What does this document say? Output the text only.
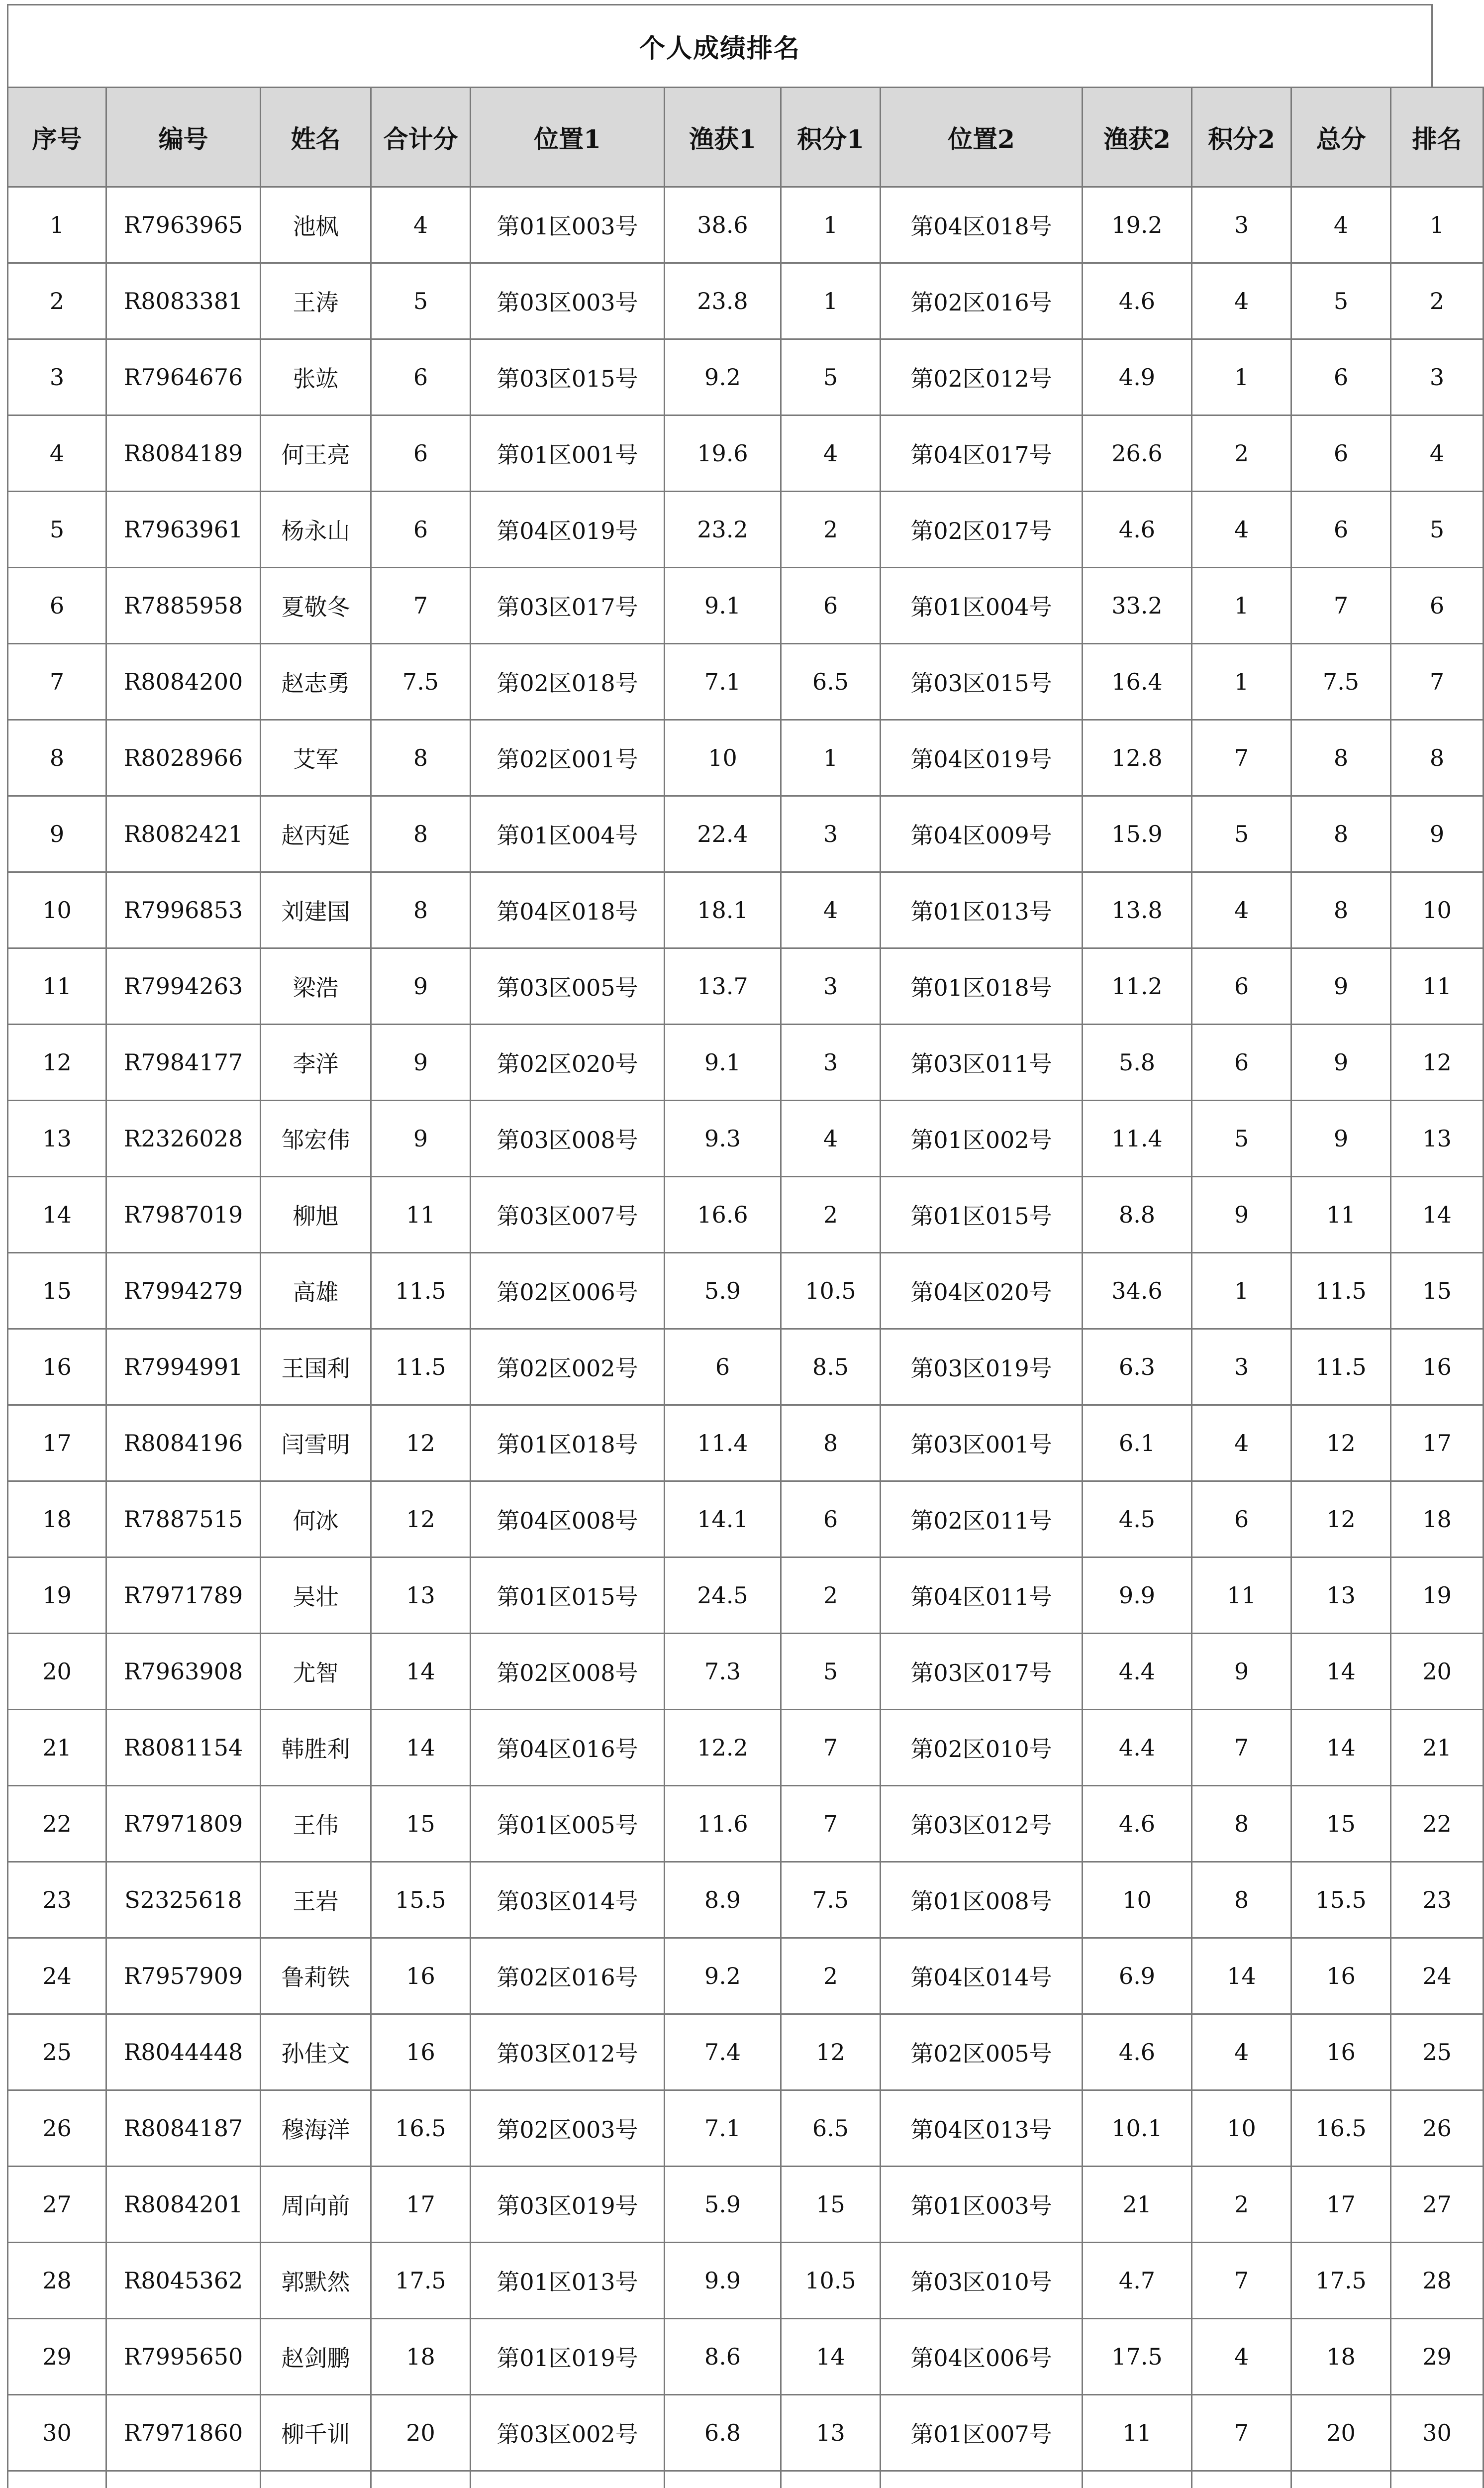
个人成绩排名
序号	编号	姓名	合计分	位置1	渔获1	积分1	位置2	渔获2	积分2	总分	排名
1	R7963965	池枫	4	第01区003号	38.6	1	第04区018号	19.2	3	4	1
2	R8083381	王涛	5	第03区003号	23.8	1	第02区016号	4.6	4	5	2
3	R7964676	张竑	6	第03区015号	9.2	5	第02区012号	4.9	1	6	3
4	R8084189	何王亮	6	第01区001号	19.6	4	第04区017号	26.6	2	6	4
5	R7963961	杨永山	6	第04区019号	23.2	2	第02区017号	4.6	4	6	5
6	R7885958	夏敬冬	7	第03区017号	9.1	6	第01区004号	33.2	1	7	6
7	R8084200	赵志勇	7.5	第02区018号	7.1	6.5	第03区015号	16.4	1	7.5	7
8	R8028966	艾军	8	第02区001号	10	1	第04区019号	12.8	7	8	8
9	R8082421	赵丙延	8	第01区004号	22.4	3	第04区009号	15.9	5	8	9
10	R7996853	刘建国	8	第04区018号	18.1	4	第01区013号	13.8	4	8	10
11	R7994263	梁浩	9	第03区005号	13.7	3	第01区018号	11.2	6	9	11
12	R7984177	李洋	9	第02区020号	9.1	3	第03区011号	5.8	6	9	12
13	R2326028	邹宏伟	9	第03区008号	9.3	4	第01区002号	11.4	5	9	13
14	R7987019	柳旭	11	第03区007号	16.6	2	第01区015号	8.8	9	11	14
15	R7994279	高雄	11.5	第02区006号	5.9	10.5	第04区020号	34.6	1	11.5	15
16	R7994991	王国利	11.5	第02区002号	6	8.5	第03区019号	6.3	3	11.5	16
17	R8084196	闫雪明	12	第01区018号	11.4	8	第03区001号	6.1	4	12	17
18	R7887515	何冰	12	第04区008号	14.1	6	第02区011号	4.5	6	12	18
19	R7971789	吴壮	13	第01区015号	24.5	2	第04区011号	9.9	11	13	19
20	R7963908	尤智	14	第02区008号	7.3	5	第03区017号	4.4	9	14	20
21	R8081154	韩胜利	14	第04区016号	12.2	7	第02区010号	4.4	7	14	21
22	R7971809	王伟	15	第01区005号	11.6	7	第03区012号	4.6	8	15	22
23	S2325618	王岩	15.5	第03区014号	8.9	7.5	第01区008号	10	8	15.5	23
24	R7957909	鲁莉铁	16	第02区016号	9.2	2	第04区014号	6.9	14	16	24
25	R8044448	孙佳文	16	第03区012号	7.4	12	第02区005号	4.6	4	16	25
26	R8084187	穆海洋	16.5	第02区003号	7.1	6.5	第04区013号	10.1	10	16.5	26
27	R8084201	周向前	17	第03区019号	5.9	15	第01区003号	21	2	17	27
28	R8045362	郭默然	17.5	第01区013号	9.9	10.5	第03区010号	4.7	7	17.5	28
29	R7995650	赵剑鹏	18	第01区019号	8.6	14	第04区006号	17.5	4	18	29
30	R7971860	柳千训	20	第03区002号	6.8	13	第01区007号	11	7	20	30
